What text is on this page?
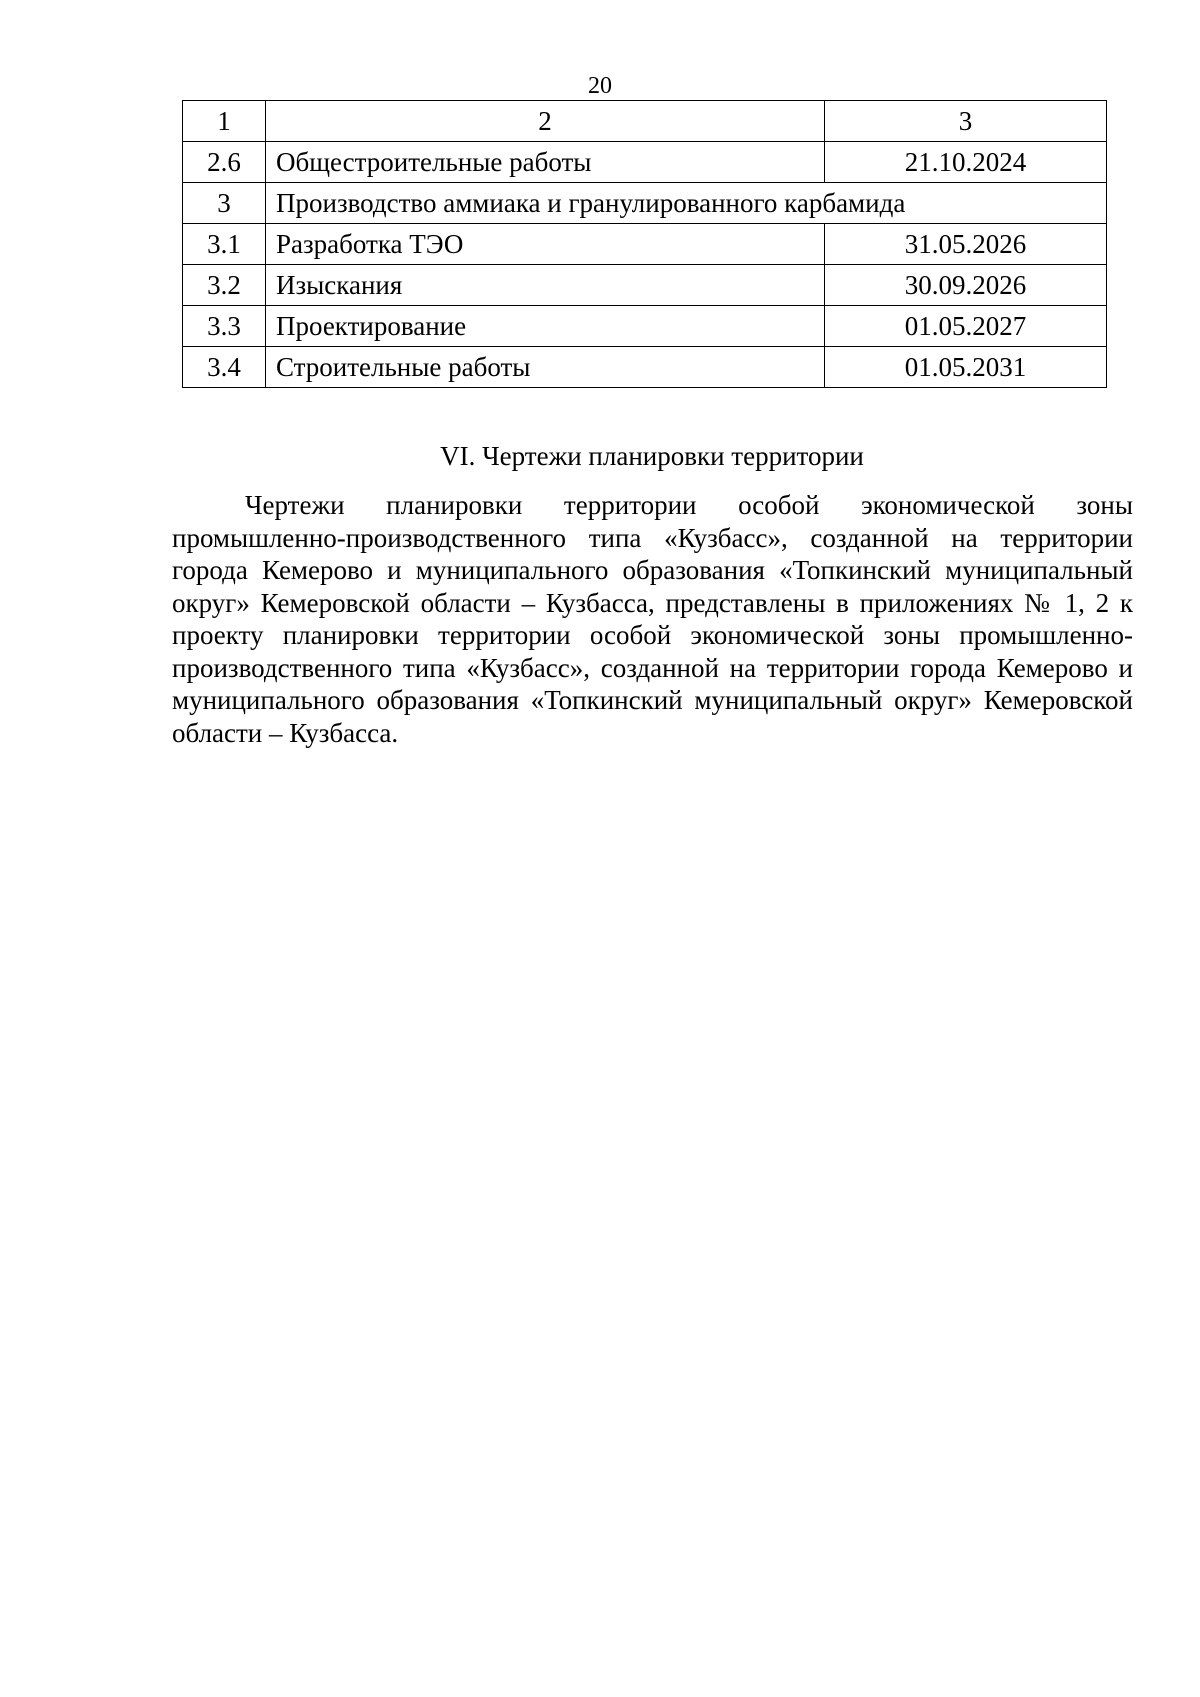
20
1	2	3
2.6	Общестроительные работы	21.10.2024
3	Производство аммиака и гранулированного карбамида	
3.1	Разработка ТЭО	31.05.2026
3.2	Изыскания	30.09.2026
3.3	Проектирование	01.05.2027
3.4	Строительные работы	01.05.2031
VI. Чертежи планировки территории

Чертежи планировки территории особой экономической зоны промышленно-производственного типа «Кузбасс», созданной на территории города Кемерово и муниципального образования «Топкинский муниципальный округ» Кемеровской области – Кузбасса, представлены в приложениях № 1, 2 к проекту планировки территории особой экономической зоны промышленно-производственного типа «Кузбасс», созданной на территории города Кемерово и муниципального образования «Топкинский муниципальный округ» Кемеровской области – Кузбасса.
